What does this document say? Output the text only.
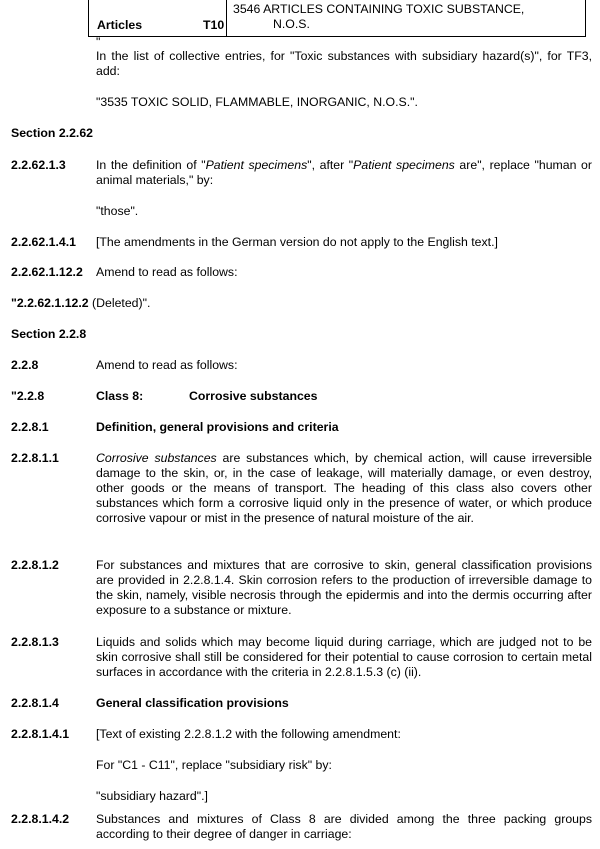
Articles	T10
3546 ARTICLES CONTAINING TOXIC SUBSTANCE,
N.O.S.
"
In the list of collective entries, for "Toxic substances with subsidiary hazard(s)", for TF3, add:
"3535 TOXIC SOLID, FLAMMABLE, INORGANIC, N.O.S.".
Section 2.2.62
2.2.62.1.3 In the definition of "Patient specimens", after "Patient specimens are", replace "human or animal materials," by:
"those".
2.2.62.1.4.1 [The amendments in the German version do not apply to the English text.]
2.2.62.1.12.2 Amend to read as follows:
"2.2.62.1.12.2 (Deleted)".
Section 2.2.8
2.2.8	Amend to read as follows:
"2.2.8	Class 8:	Corrosive substances
2.2.8.1	Definition, general provisions and criteria
2.2.8.1.1	Corrosive substances are substances which, by chemical action, will cause irreversible damage to the skin, or, in the case of leakage, will materially damage, or even destroy, other goods or the means of transport. The heading of this class also covers other substances which form a corrosive liquid only in the presence of water, or which produce corrosive vapour or mist in the presence of natural moisture of the air.
2.2.8.1.2	For substances and mixtures that are corrosive to skin, general classification provisions are provided in 2.2.8.1.4. Skin corrosion refers to the production of irreversible damage to the skin, namely, visible necrosis through the epidermis and into the dermis occurring after exposure to a substance or mixture.
2.2.8.1.3	Liquids and solids which may become liquid during carriage, which are judged not to be skin corrosive shall still be considered for their potential to cause corrosion to certain metal surfaces in accordance with the criteria in 2.2.8.1.5.3 (c) (ii).
2.2.8.1.4	General classification provisions
2.2.8.1.4.1 [Text of existing 2.2.8.1.2 with the following amendment:
For "C1 - C11", replace "subsidiary risk" by:
"subsidiary hazard".]
2.2.8.1.4.2 Substances and mixtures of Class 8 are divided among the three packing groups according to their degree of danger in carriage:
